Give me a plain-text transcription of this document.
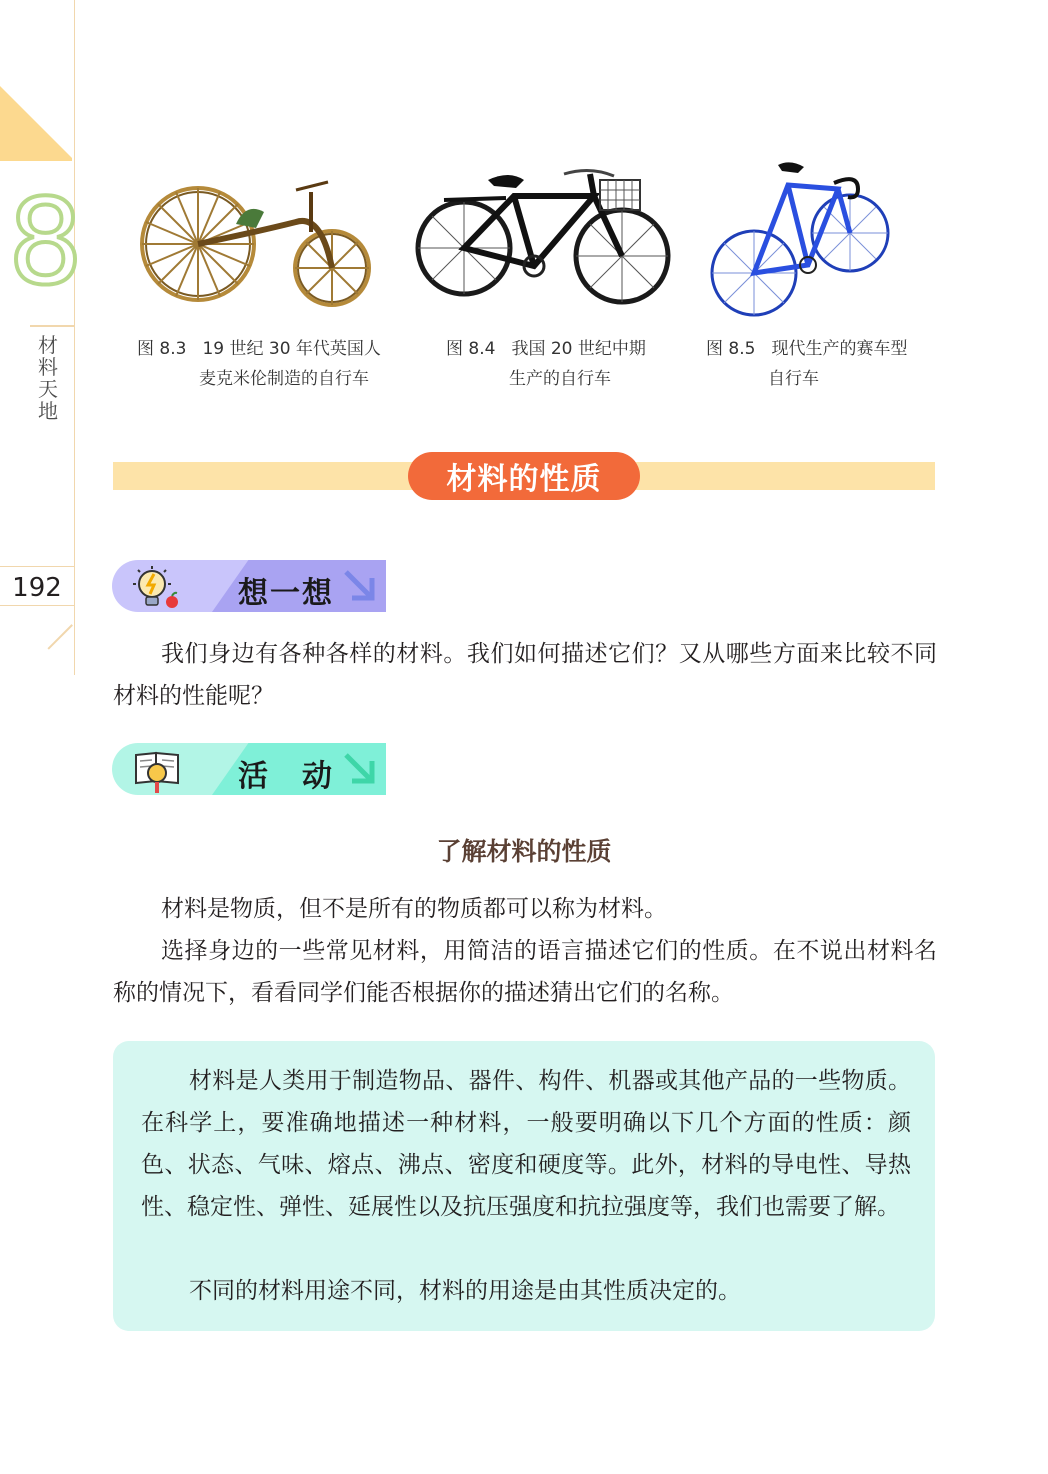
8
材料天地
192
图 8.3 19 世纪 30 年代英国人
麦克米伦制造的自行车
图 8.4 我国 20 世纪中期
生产的自行车
图 8.5 现代生产的赛车型
自行车
材料的性质
想一想
我们身边有各种各样的材料。我们如何描述它们？又从哪些方面来比较不同材料的性能呢？
活　动
了解材料的性质
材料是物质，但不是所有的物质都可以称为材料。
选择身边的一些常见材料，用简洁的语言描述它们的性质。在不说出材料名称的情况下，看看同学们能否根据你的描述猜出它们的名称。
材料是人类用于制造物品、器件、构件、机器或其他产品的一些物质。在科学上，要准确地描述一种材料，一般要明确以下几个方面的性质：颜色、状态、气味、熔点、沸点、密度和硬度等。此外，材料的导电性、导热性、稳定性、弹性、延展性以及抗压强度和抗拉强度等，我们也需要了解。
不同的材料用途不同，材料的用途是由其性质决定的。
